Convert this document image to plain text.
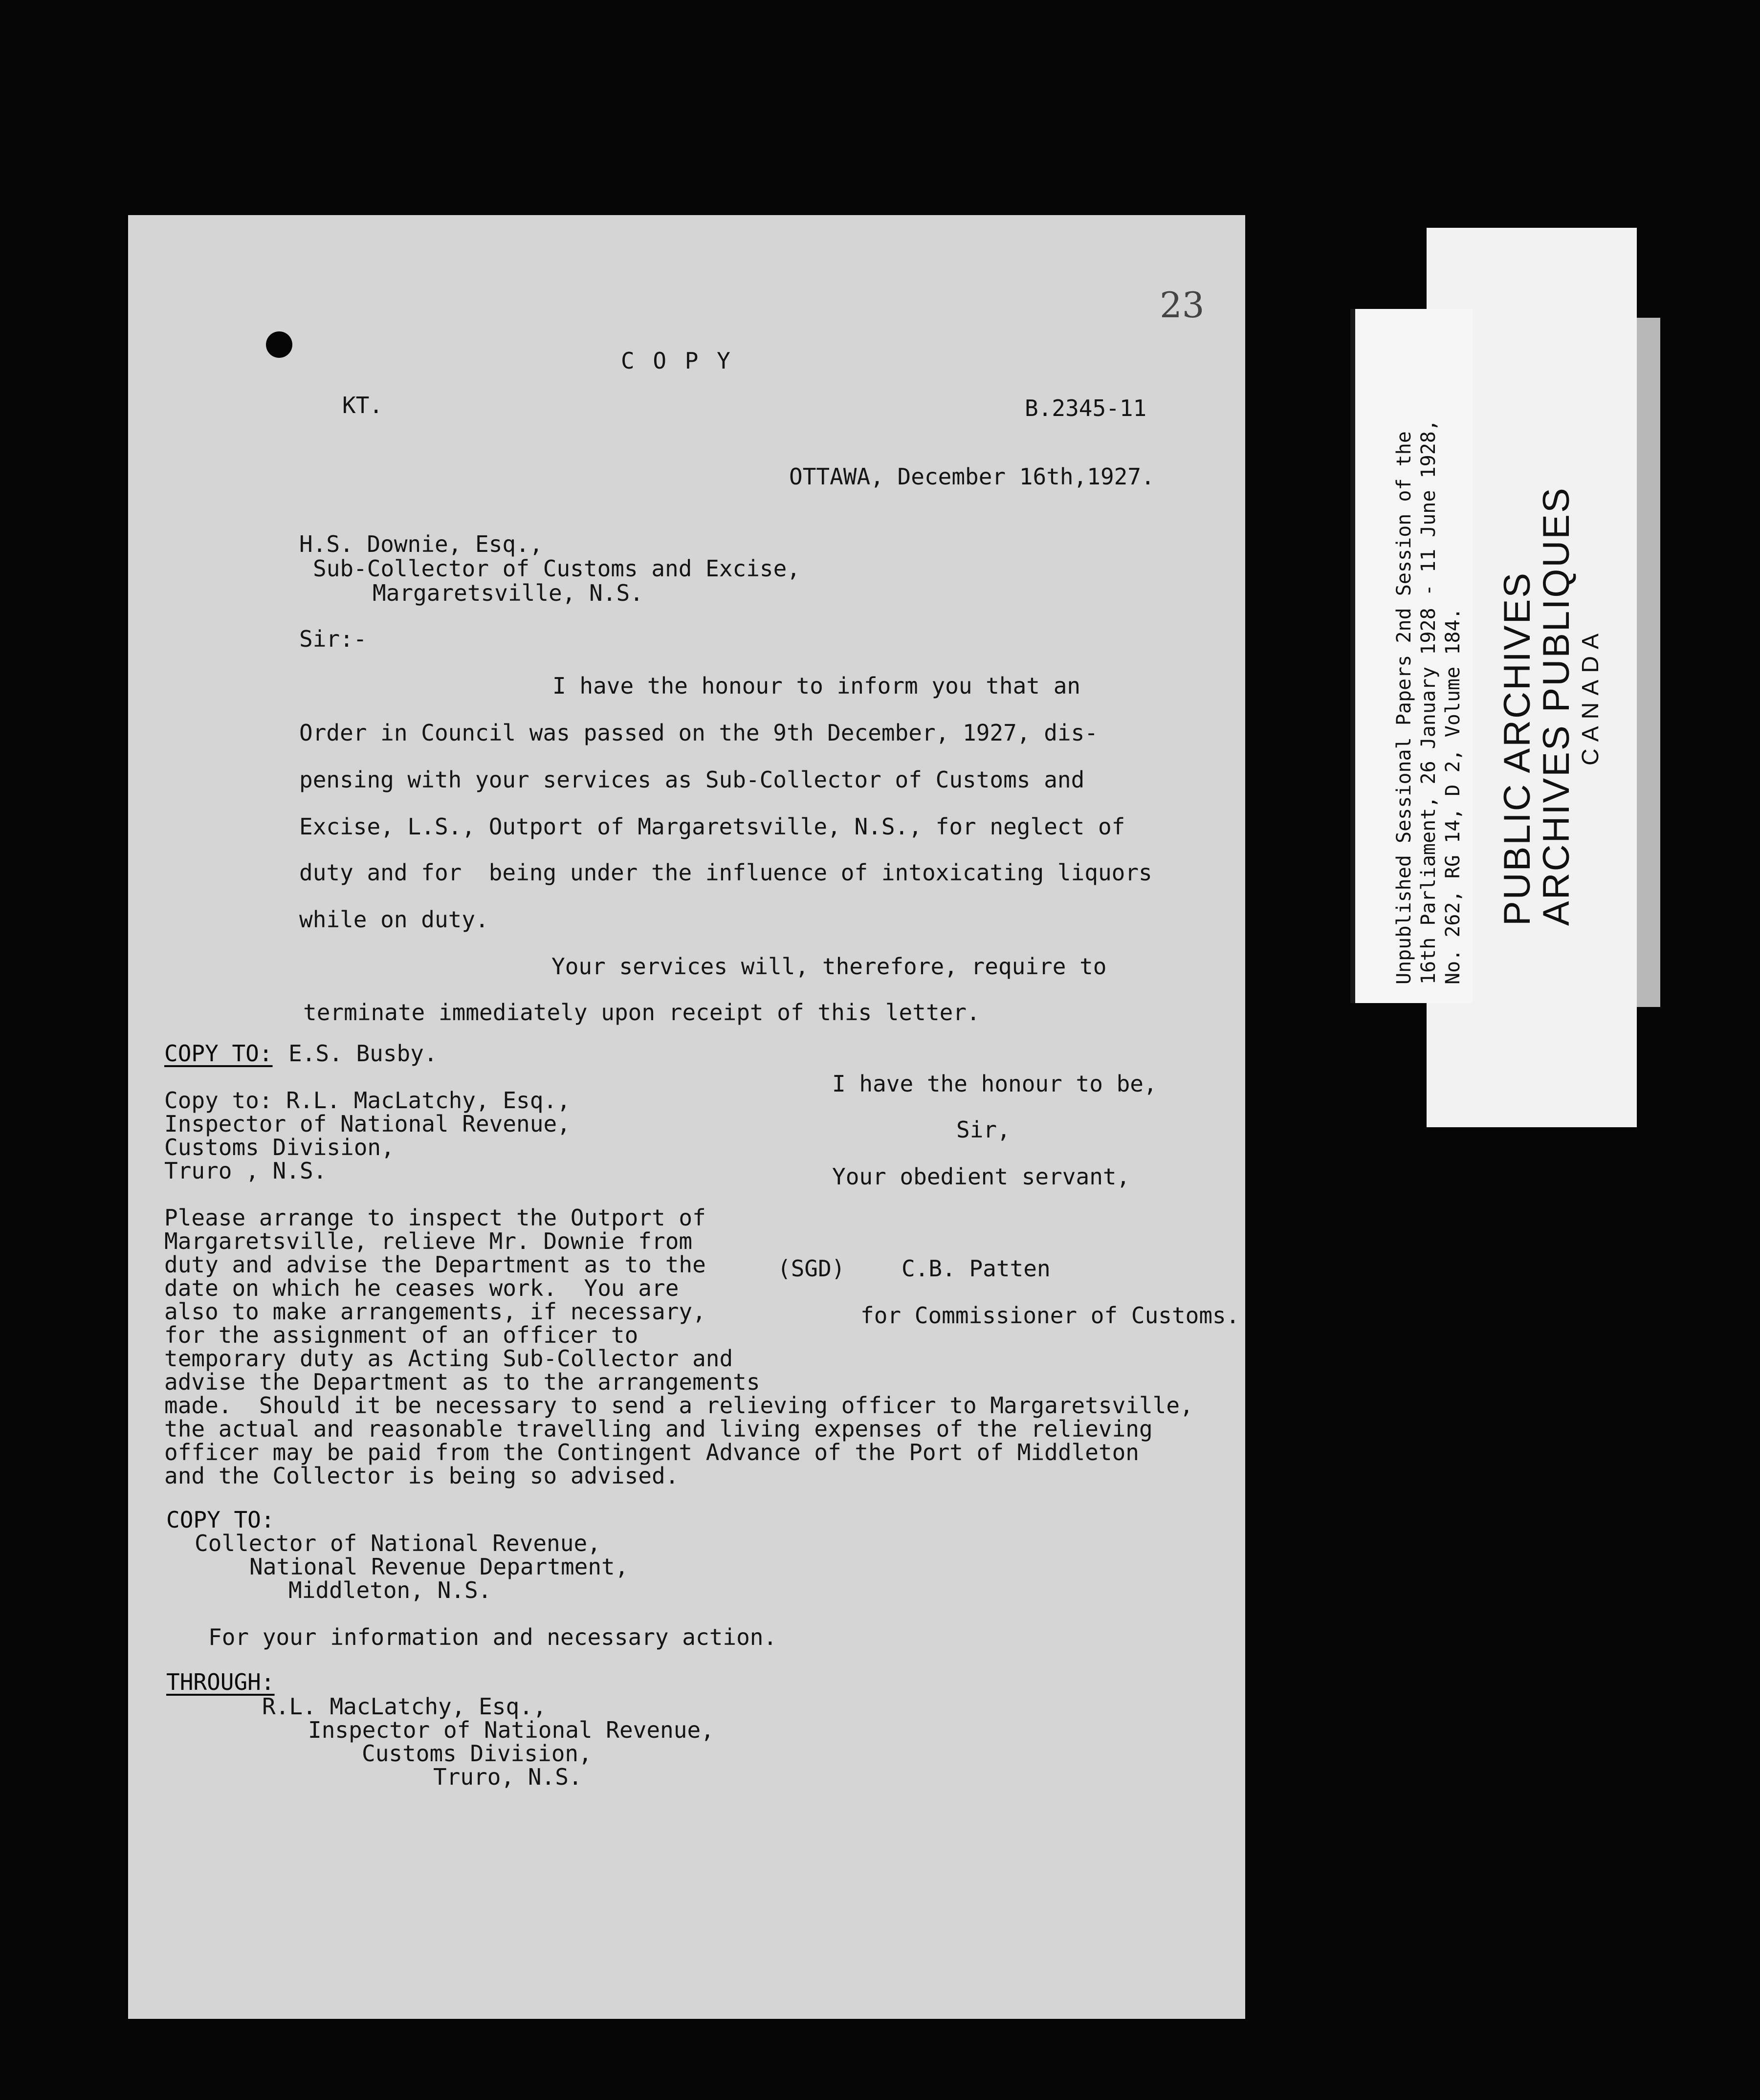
23
C O P Y
KT.	B.2345-11
OTTAWA, December 16th,1927.
H.S. Downie, Esq.,
Sub-Collector of Customs and Excise,
Margaretsville, N.S.
Sir:-
I have the honour to inform you that an
Order in Council was passed on the 9th December, 1927, dis-
pensing with your services as Sub-Collector of Customs and
Excise, L.S., Outport of Margaretsville, N.S., for neglect of
duty and for  being under the influence of intoxicating liquors
while on duty.
Your services will, therefore, require to
terminate immediately upon receipt of this letter.
COPY TO: E.S. Busby.
I have the honour to be,
Sir,
Your obedient servant,
(SGD)	C.B. Patten
for Commissioner of Customs.
Copy to: R.L. MacLatchy, Esq.,
Inspector of National Revenue,
Customs Division,
Truro , N.S.
Please arrange to inspect the Outport of
Margaretsville, relieve Mr. Downie from
duty and advise the Department as to the
date on which he ceases work.  You are
also to make arrangements, if necessary,
for the assignment of an officer to
temporary duty as Acting Sub-Collector and
advise the Department as to the arrangements
made.  Should it be necessary to send a relieving officer to Margaretsville,
the actual and reasonable travelling and living expenses of the relieving
officer may be paid from the Contingent Advance of the Port of Middleton
and the Collector is being so advised.
COPY TO:
Collector of National Revenue,
National Revenue Department,
Middleton, N.S.
For your information and necessary action.
THROUGH:
R.L. MacLatchy, Esq.,
Inspector of National Revenue,
Customs Division,
Truro, N.S.
Unpublished Sessional Papers 2nd Session of the 16th Parliament, 26 January 1928 - 11 June 1928, No. 262, RG 14, D 2, Volume 184. PUBLIC ARCHIVES
ARCHIVES PUBLIQUES CANADA
